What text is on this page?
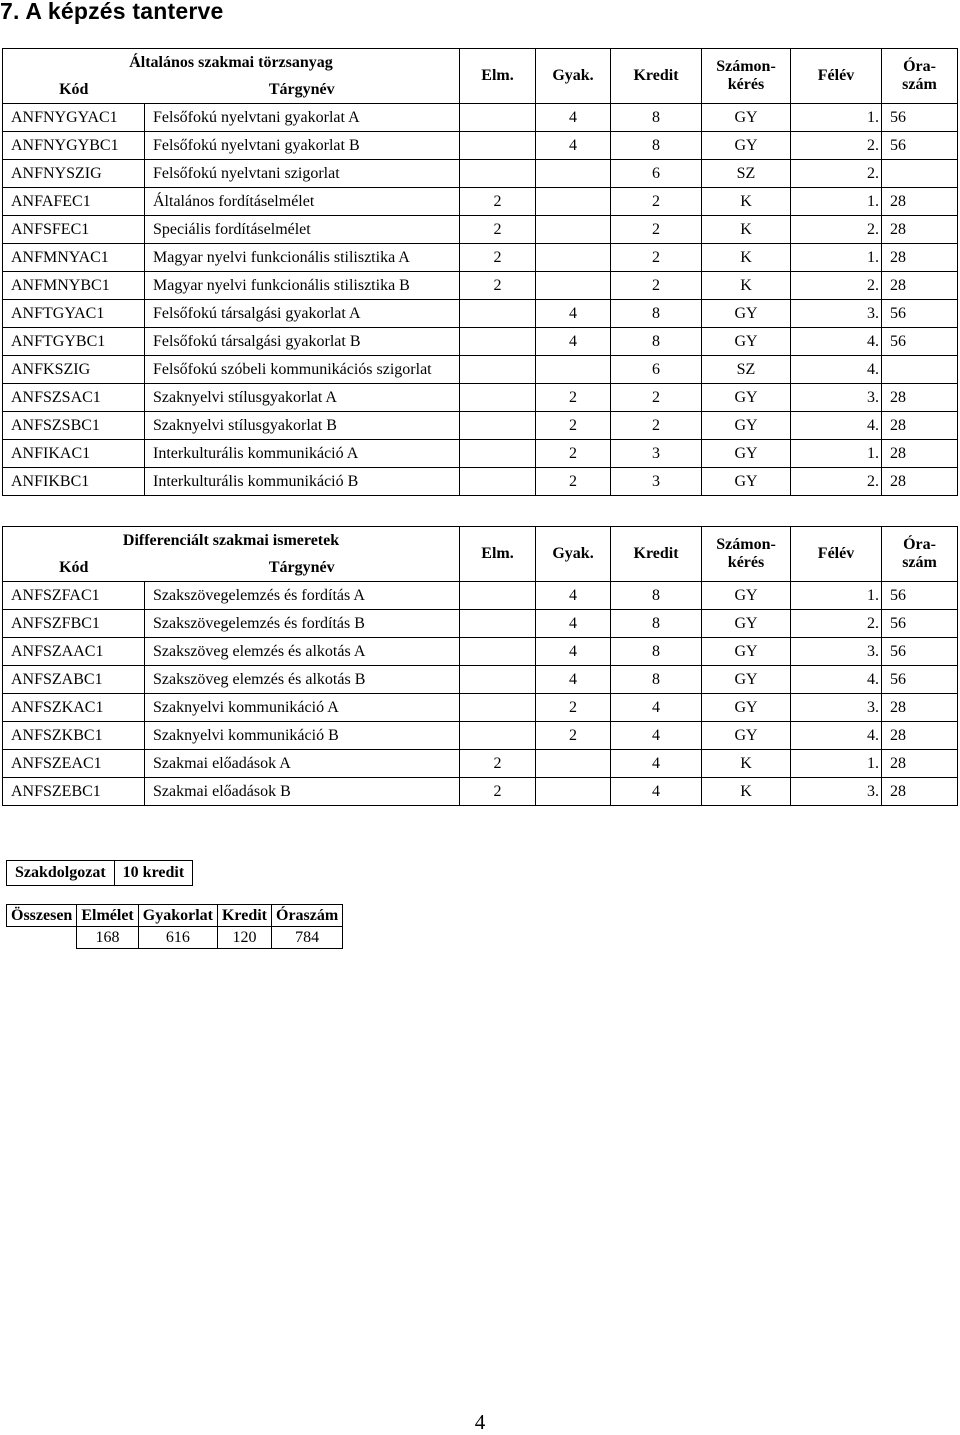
7. A képzés tanterve
Általános szakmai törzsanyag		Elm.	Gyak.	Kredit	Számon-
kérés	Félév	Óra-
szám
Kód	Tárgynév						
ANFNYGYAC1	Felsőfokú nyelvtani gyakorlat A		4	8	GY	1.	56
ANFNYGYBC1	Felsőfokú nyelvtani gyakorlat B		4	8	GY	2.	56
ANFNYSZIG	Felsőfokú nyelvtani szigorlat			6	SZ	2.	
ANFAFEC1	Általános fordításelmélet	2		2	K	1.	28
ANFSFEC1	Speciális fordításelmélet	2		2	K	2.	28
ANFMNYAC1	Magyar nyelvi funkcionális stilisztika A	2		2	K	1.	28
ANFMNYBC1	Magyar nyelvi funkcionális stilisztika B	2		2	K	2.	28
ANFTGYAC1	Felsőfokú társalgási gyakorlat A		4	8	GY	3.	56
ANFTGYBC1	Felsőfokú társalgási gyakorlat B		4	8	GY	4.	56
ANFKSZIG	Felsőfokú szóbeli kommunikációs szigorlat			6	SZ	4.	
ANFSZSAC1	Szaknyelvi stílusgyakorlat A		2	2	GY	3.	28
ANFSZSBC1	Szaknyelvi stílusgyakorlat B		2	2	GY	4.	28
ANFIKAC1	Interkulturális kommunikáció A		2	3	GY	1.	28
ANFIKBC1	Interkulturális kommunikáció B		2	3	GY	2.	28
Differenciált szakmai ismeretek		Elm.	Gyak.	Kredit	Számon-
kérés	Félév	Óra-
szám
Kód	Tárgynév						
ANFSZFAC1	Szakszövegelemzés és fordítás A		4	8	GY	1.	56
ANFSZFBC1	Szakszövegelemzés és fordítás B		4	8	GY	2.	56
ANFSZAAC1	Szakszöveg elemzés és alkotás A		4	8	GY	3.	56
ANFSZABC1	Szakszöveg elemzés és alkotás B		4	8	GY	4.	56
ANFSZKAC1	Szaknyelvi kommunikáció A		2	4	GY	3.	28
ANFSZKBC1	Szaknyelvi kommunikáció B		2	4	GY	4.	28
ANFSZEAC1	Szakmai előadások A	2		4	K	1.	28
ANFSZEBC1	Szakmai előadások B	2		4	K	3.	28
Szakdolgozat	10 kredit
Összesen	Elmélet	Gyakorlat	Kredit	Óraszám
	168	616	120	784
4
